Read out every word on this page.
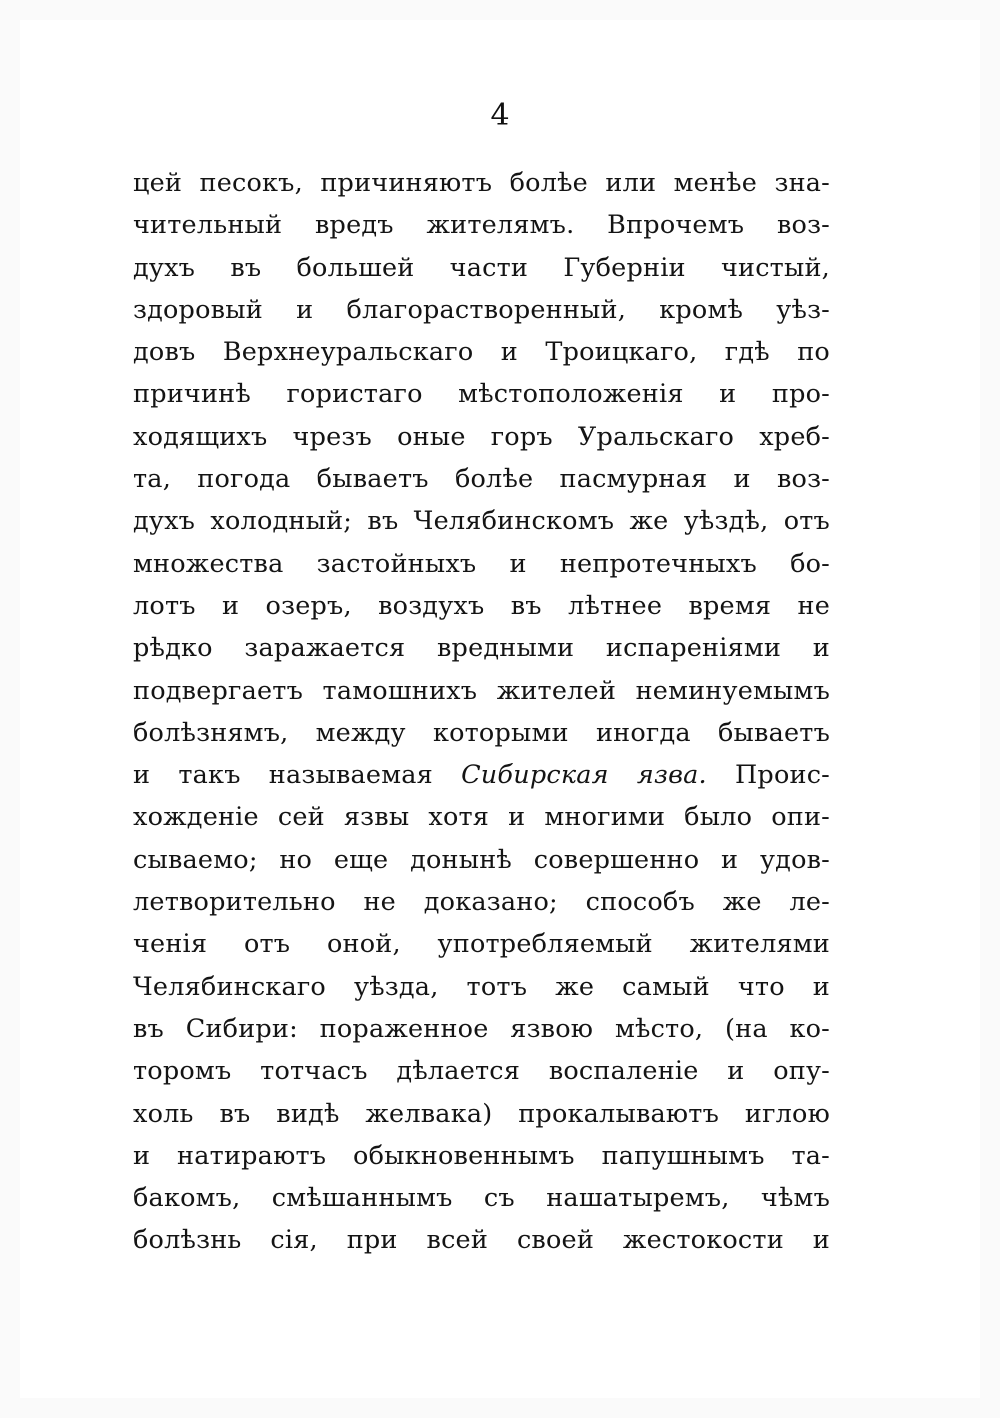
4
цей песокъ, причиняютъ болѣе или менѣе зна-
чительный вредъ жителямъ. Впрочемъ воз-
духъ въ большей части Губерніи чистый,
здоровый и благорастворенный, кромѣ уѣз-
довъ Верхнеуральскаго и Троицкаго, гдѣ по
причинѣ гористаго мѣстоположенія и про-
ходящихъ чрезъ оные горъ Уральскаго хреб-
та, погода бываетъ болѣе пасмурная и воз-
духъ холодный; въ Челябинскомъ же уѣздѣ, отъ
множества застойныхъ и непротечныхъ бо-
лотъ и озеръ, воздухъ въ лѣтнее время не
рѣдко заражается вредными испареніями и
подвергаетъ тамошнихъ жителей неминуемымъ
болѣзнямъ, между которыми иногда бываетъ
и такъ называемая Сибирская язва. Проис-
хожденіе сей язвы хотя и многими было опи-
сываемо; но еще донынѣ совершенно и удов-
летворительно не доказано; способъ же ле-
ченія отъ оной, употребляемый жителями
Челябинскаго уѣзда, тотъ же самый что и
въ Сибири: пораженное язвою мѣсто, (на ко-
торомъ тотчасъ дѣлается воспаленіе и опу-
холь въ видѣ желвака) прокалываютъ иглою
и натираютъ обыкновеннымъ папушнымъ та-
бакомъ, смѣшаннымъ съ нашатыремъ, чѣмъ
болѣзнь сія, при всей своей жестокости и
